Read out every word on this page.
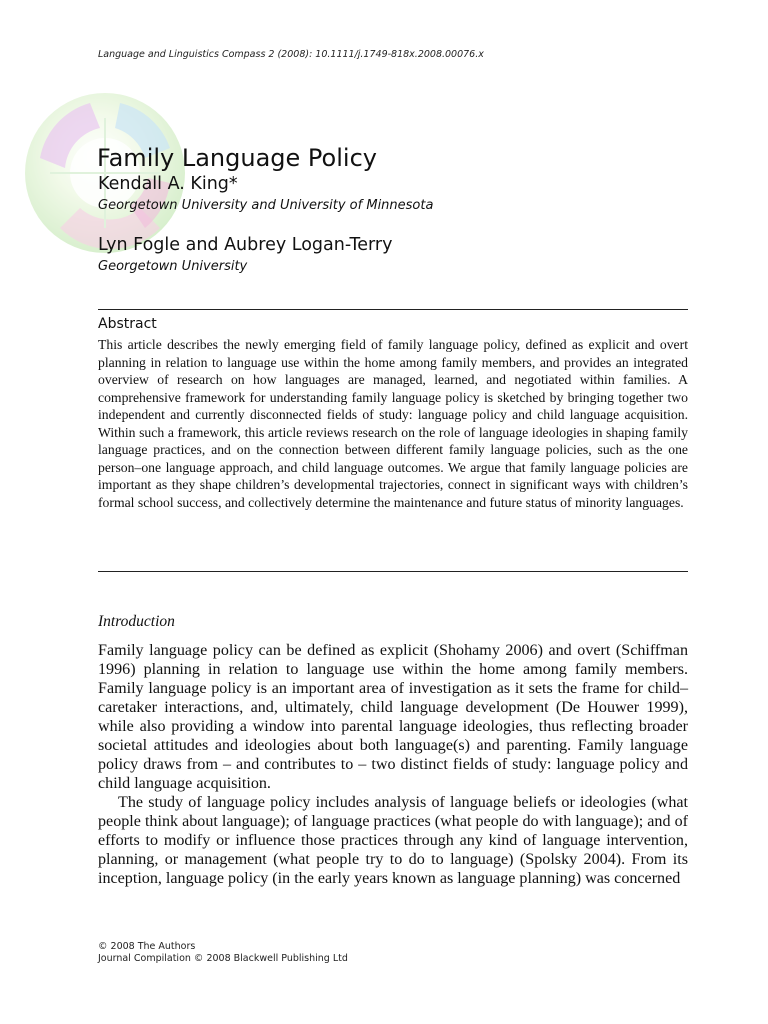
Language and Linguistics Compass 2 (2008): 10.1111/j.1749-818x.2008.00076.x
Family Language Policy
Kendall A. King*
Georgetown University and University of Minnesota
Lyn Fogle and Aubrey Logan-Terry
Georgetown University
Abstract
This article describes the newly emerging field of family language policy, defined as explicit and overt planning in relation to language use within the home among family members, and provides an integrated overview of research on how languages are managed, learned, and negotiated within families. A comprehensive framework for understanding family language policy is sketched by bringing together two independent and currently disconnected fields of study: language policy and child language acquisition. Within such a framework, this article reviews research on the role of language ideologies in shaping family language practices, and on the connection between different family language policies, such as the one person–one language approach, and child language outcomes. We argue that family language policies are important as they shape children’s developmental trajectories, connect in significant ways with children’s formal school success, and collectively determine the maintenance and future status of minority languages.
Introduction

Family language policy can be defined as explicit (Shohamy 2006) and overt (Schiffman 1996) planning in relation to language use within the home among family members. Family language policy is an important area of investigation as it sets the frame for child–caretaker interactions, and, ultimately, child language development (De Houwer 1999), while also providing a window into parental language ideologies, thus reflecting broader societal attitudes and ideologies about both language(s) and parenting. Family language policy draws from – and contributes to – two distinct fields of study: language policy and child language acquisition.

The study of language policy includes analysis of language beliefs or ideologies (what people think about language); of language practices (what people do with language); and of efforts to modify or influence those practices through any kind of language intervention, planning, or management (what people try to do to language) (Spolsky 2004). From its inception, language policy (in the early years known as language planning) was concerned

© 2008 The Authors
Journal Compilation © 2008 Blackwell Publishing Ltd
